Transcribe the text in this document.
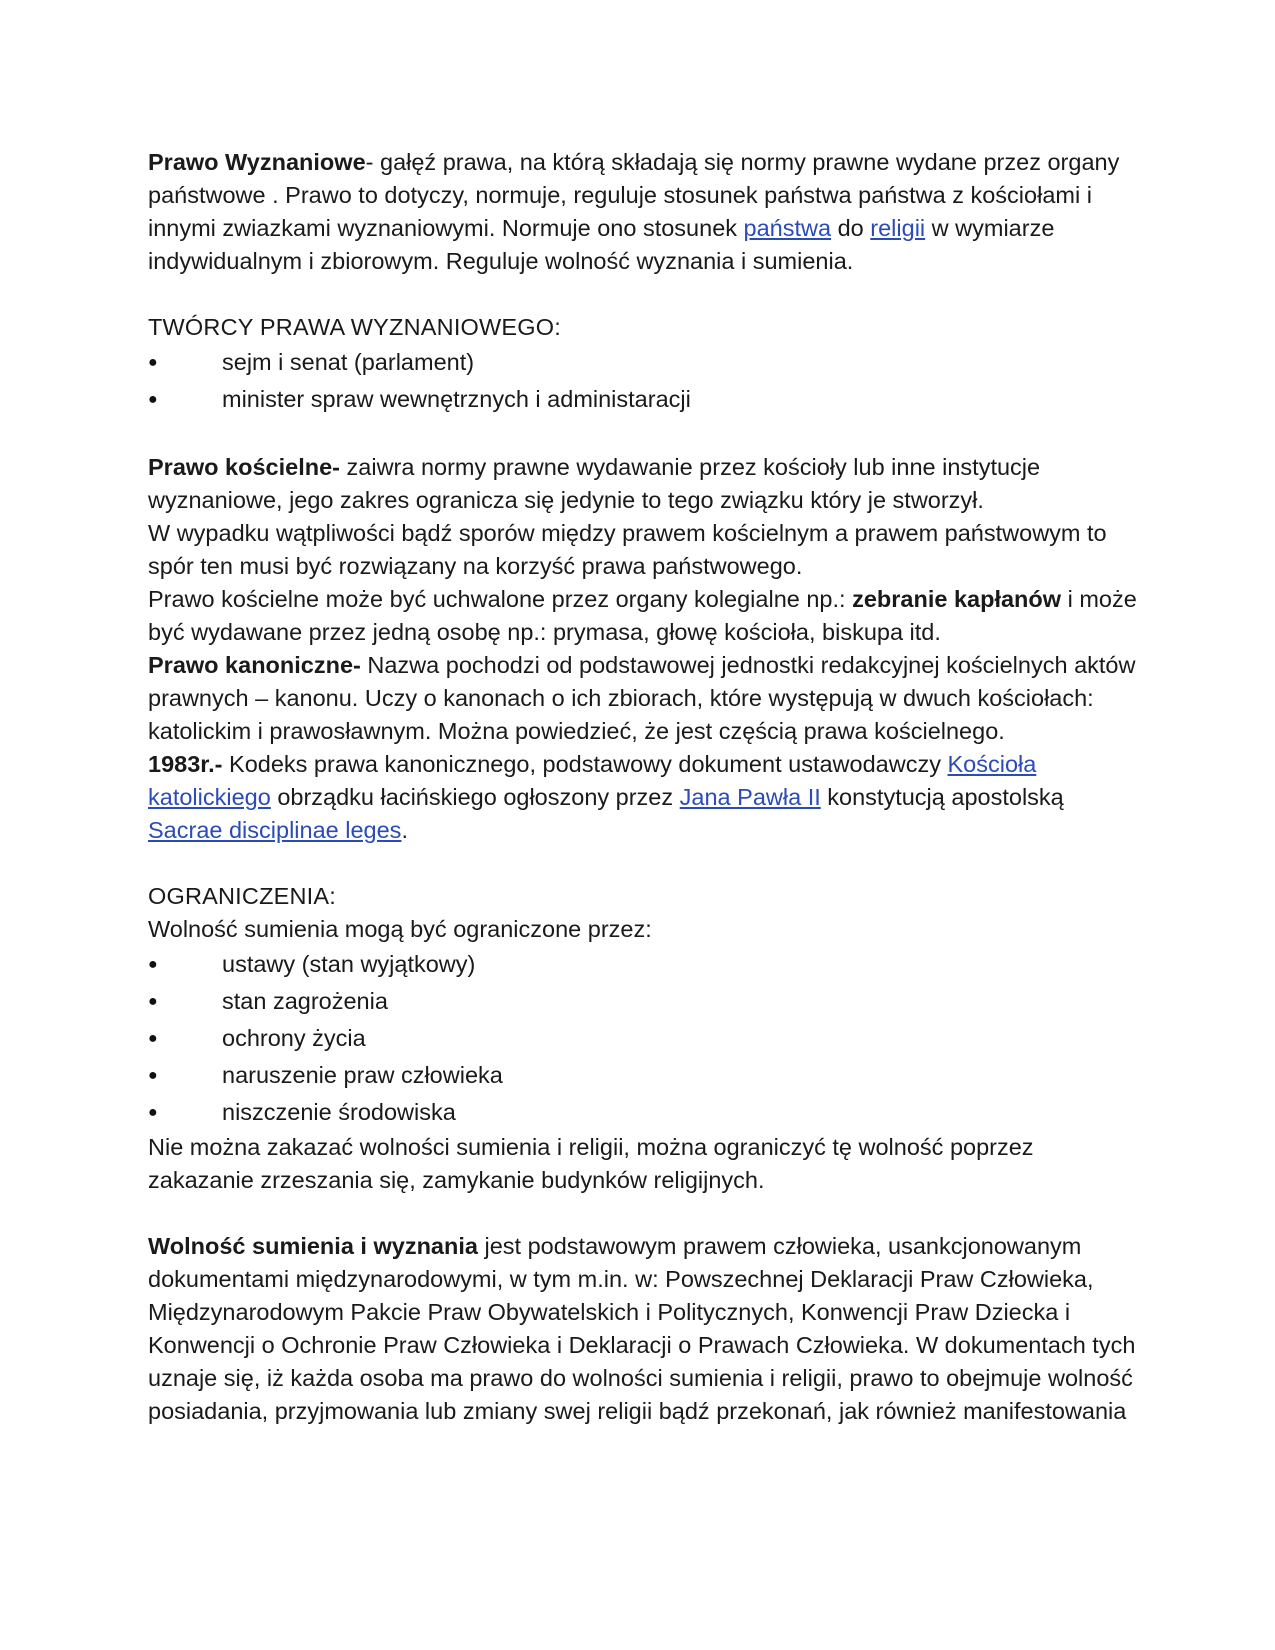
Prawo Wyznaniowe- gałęź prawa, na którą składają się normy prawne wydane przez organy państwowe . Prawo to dotyczy, normuje, reguluje stosunek państwa państwa z kościołami i innymi zwiazkami wyznaniowymi. Normuje ono stosunek państwa do religii w wymiarze indywidualnym i zbiorowym. Reguluje wolność wyznania i sumienia.

TWÓRCY PRAWA WYZNANIOWEGO:

● sejm i senat (parlament)
● minister spraw wewnętrznych i administaracji

Prawo kościelne- zaiwra normy prawne wydawanie przez kościoły lub inne instytucje wyznaniowe, jego zakres ogranicza się jedynie to tego związku który je stworzył.

W wypadku wątpliwości bądź sporów między prawem kościelnym a prawem państwowym to spór ten musi być rozwiązany na korzyść prawa państwowego.

Prawo kościelne może być uchwalone przez organy kolegialne np.: zebranie kapłanów i może być wydawane przez jedną osobę np.: prymasa, głowę kościoła, biskupa itd.

Prawo kanoniczne- Nazwa pochodzi od podstawowej jednostki redakcyjnej kościelnych aktów prawnych – kanonu. Uczy o kanonach o ich zbiorach, które występują w dwuch kościołach: katolickim i prawosławnym. Można powiedzieć, że jest częścią prawa kościelnego.

1983r.- Kodeks prawa kanonicznego, podstawowy dokument ustawodawczy Kościoła katolickiego obrządku łacińskiego ogłoszony przez Jana Pawła II konstytucją apostolską Sacrae disciplinae leges.

OGRANICZENIA:

Wolność sumienia mogą być ograniczone przez:

● ustawy (stan wyjątkowy)
● stan zagrożenia
● ochrony życia
● naruszenie praw człowieka
● niszczenie środowiska

Nie można zakazać wolności sumienia i religii, można ograniczyć tę wolność poprzez zakazanie zrzeszania się, zamykanie budynków religijnych.

Wolność sumienia i wyznania jest podstawowym prawem człowieka, usankcjonowanym dokumentami międzynarodowymi, w tym m.in. w: Powszechnej Deklaracji Praw Człowieka, Międzynarodowym Pakcie Praw Obywatelskich i Politycznych, Konwencji Praw Dziecka i Konwencji o Ochronie Praw Człowieka i Deklaracji o Prawach Człowieka. W dokumentach tych uznaje się, iż każda osoba ma prawo do wolności sumienia i religii, prawo to obejmuje wolność posiadania, przyjmowania lub zmiany swej religii bądź przekonań, jak również manifestowania
